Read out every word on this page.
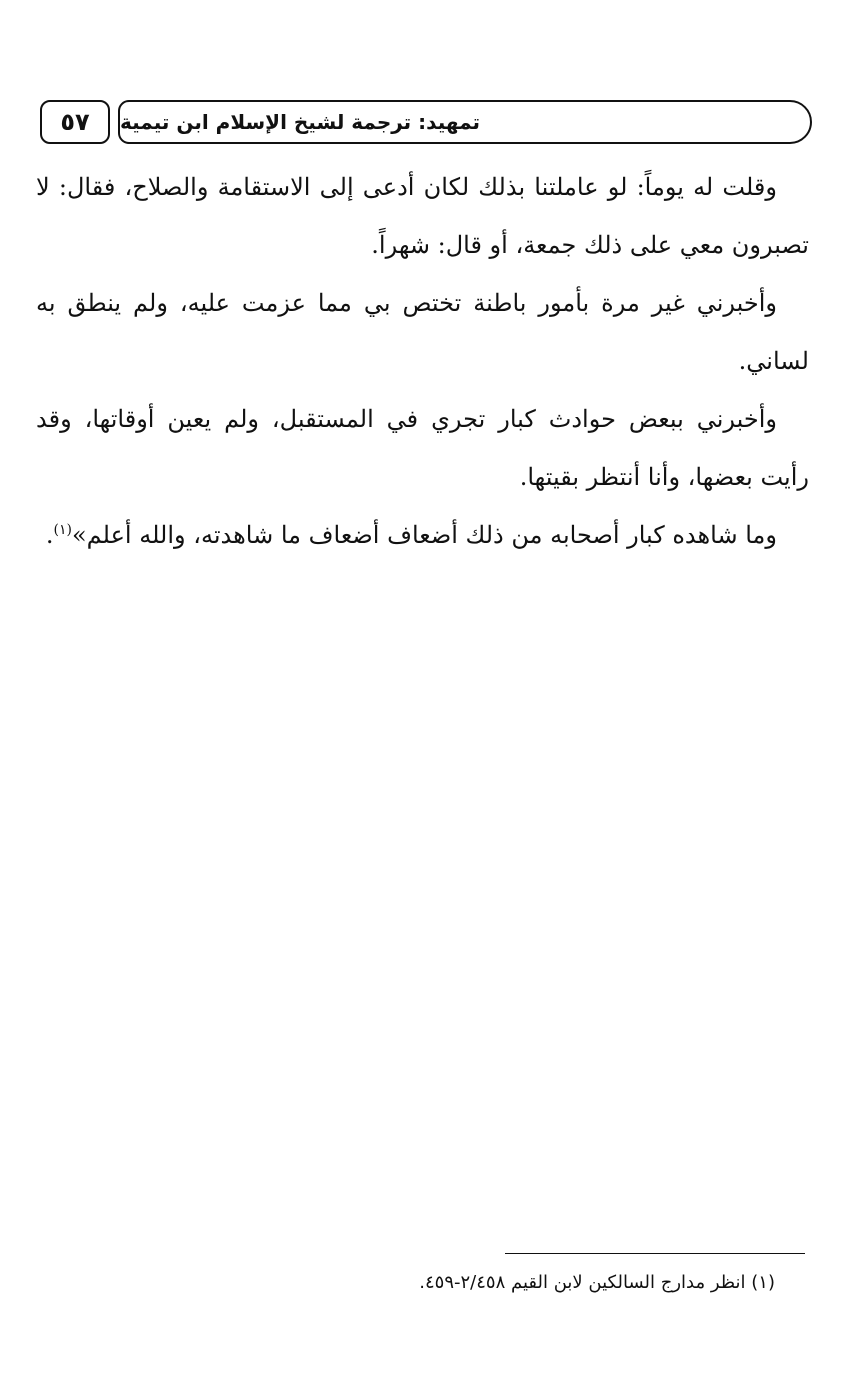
٥٧	تمهيد: ترجمة لشيخ الإسلام ابن تيمية

وقلت له يوماً: لو عاملتنا بذلك لكان أدعى إلى الاستقامة والصلاح، فقال: لا تصبرون معي على ذلك جمعة، أو قال: شهراً.

وأخبرني غير مرة بأمور باطنة تختص بي مما عزمت عليه، ولم ينطق به لساني.

وأخبرني ببعض حوادث كبار تجري في المستقبل، ولم يعين أوقاتها، وقد رأيت بعضها، وأنا أنتظر بقيتها.

وما شاهده كبار أصحابه من ذلك أضعاف أضعاف ما شاهدته، والله أعلم»$^{(١)}$.

(١) انظر مدارج السالكين لابن القيم ٢/٤٥٨-٤٥٩.
